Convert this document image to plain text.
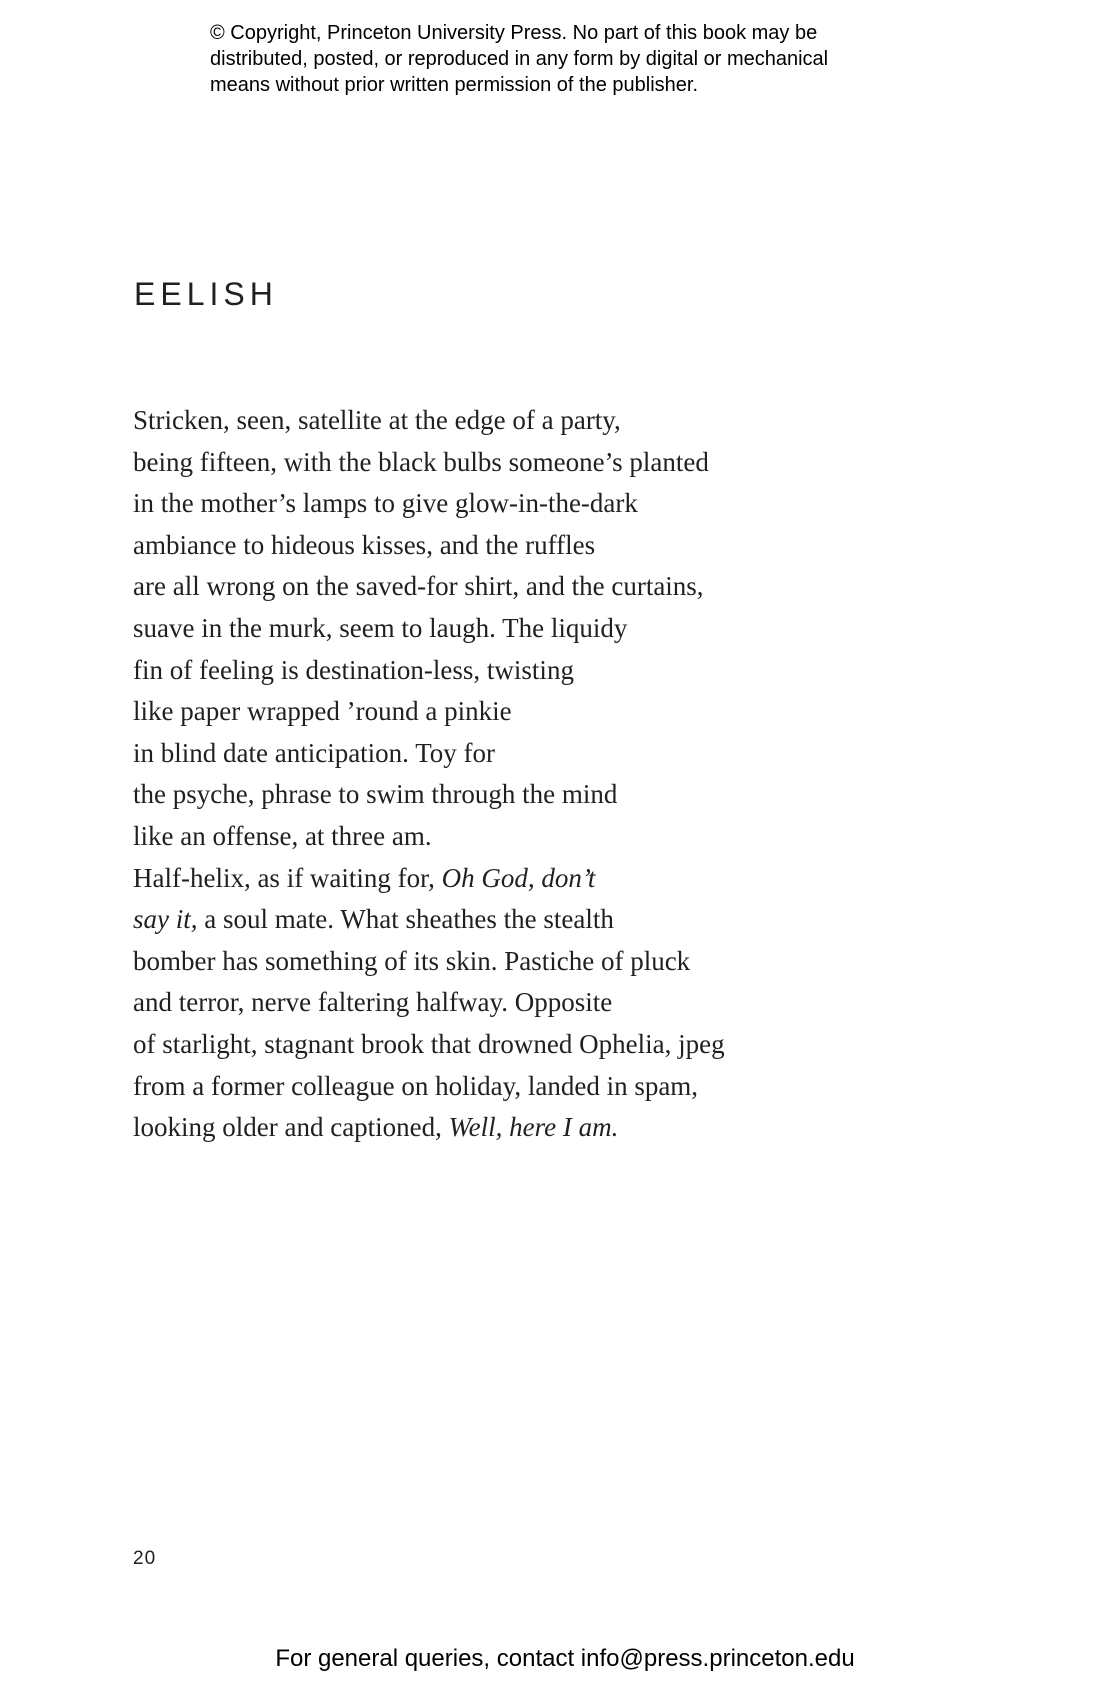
© Copyright, Princeton University Press. No part of this book may be
distributed, posted, or reproduced in any form by digital or mechanical
means without prior written permission of the publisher.
EELISH
Stricken, seen, satellite at the edge of a party,
being fifteen, with the black bulbs someone’s planted
in the mother’s lamps to give glow-in-the-dark
ambiance to hideous kisses, and the ruffles
are all wrong on the saved-for shirt, and the curtains,
suave in the murk, seem to laugh. The liquidy
fin of feeling is destination-less, twisting
like paper wrapped ’round a pinkie
in blind date anticipation. Toy for
the psyche, phrase to swim through the mind
like an offense, at three am.
Half-helix, as if waiting for, Oh God, don’t
say it, a soul mate. What sheathes the stealth
bomber has something of its skin. Pastiche of pluck
and terror, nerve faltering halfway. Opposite
of starlight, stagnant brook that drowned Ophelia, jpeg
from a former colleague on holiday, landed in spam,
looking older and captioned, Well, here I am.

20

For general queries, contact info@press.princeton.edu
